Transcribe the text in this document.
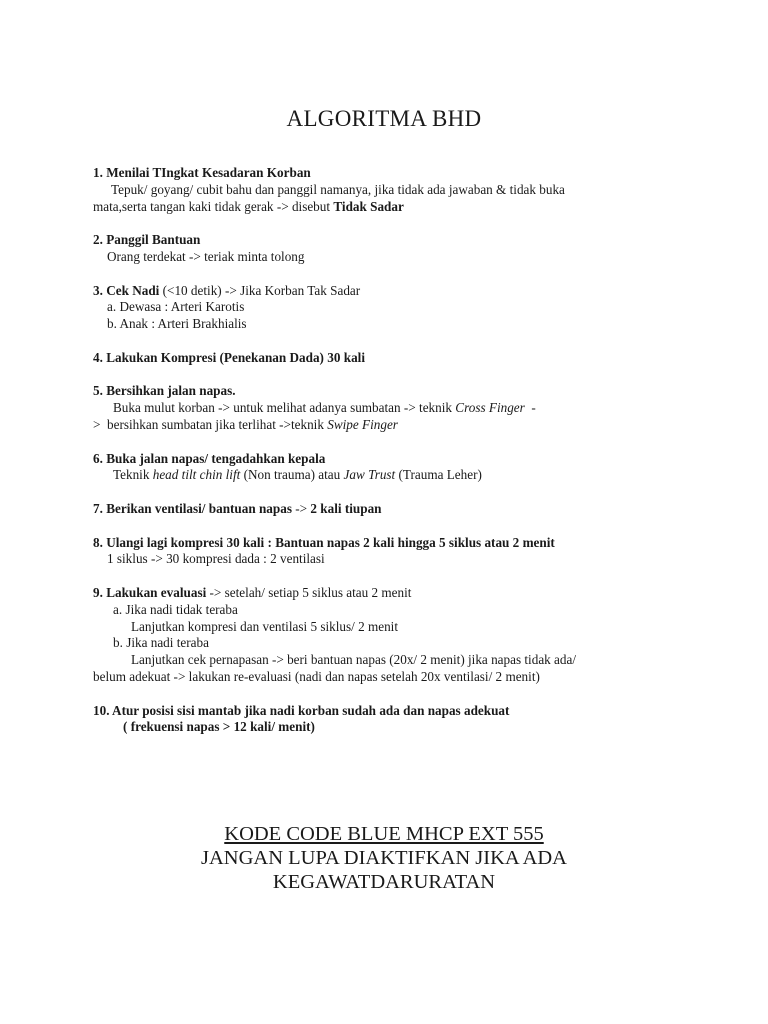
ALGORITMA BHD

1. Menilai TIngkat Kesadaran Korban

Tepuk/ goyang/ cubit bahu dan panggil namanya, jika tidak ada jawaban & tidak buka

mata,serta tangan kaki tidak gerak -> disebut Tidak Sadar

2. Panggil Bantuan

Orang terdekat -> teriak minta tolong

3. Cek Nadi (<10 detik) -> Jika Korban Tak Sadar

a. Dewasa : Arteri Karotis

b. Anak : Arteri Brakhialis

4. Lakukan Kompresi (Penekanan Dada) 30 kali

5. Bersihkan jalan napas.

Buka mulut korban -> untuk melihat adanya sumbatan -> teknik Cross Finger  -

>  bersihkan sumbatan jika terlihat ->teknik Swipe Finger

6. Buka jalan napas/ tengadahkan kepala

Teknik head tilt chin lift (Non trauma) atau Jaw Trust (Trauma Leher)

7. Berikan ventilasi/ bantuan napas -> 2 kali tiupan

8. Ulangi lagi kompresi 30 kali : Bantuan napas 2 kali hingga 5 siklus atau 2 menit

1 siklus -> 30 kompresi dada : 2 ventilasi

9. Lakukan evaluasi -> setelah/ setiap 5 siklus atau 2 menit

a. Jika nadi tidak teraba

Lanjutkan kompresi dan ventilasi 5 siklus/ 2 menit

b. Jika nadi teraba

Lanjutkan cek pernapasan -> beri bantuan napas (20x/ 2 menit) jika napas tidak ada/

belum adekuat -> lakukan re-evaluasi (nadi dan napas setelah 20x ventilasi/ 2 menit)

10. Atur posisi sisi mantab jika nadi korban sudah ada dan napas adekuat

( frekuensi napas > 12 kali/ menit)

KODE CODE BLUE MHCP EXT 555
JANGAN LUPA DIAKTIFKAN JIKA ADA
KEGAWATDARURATAN
